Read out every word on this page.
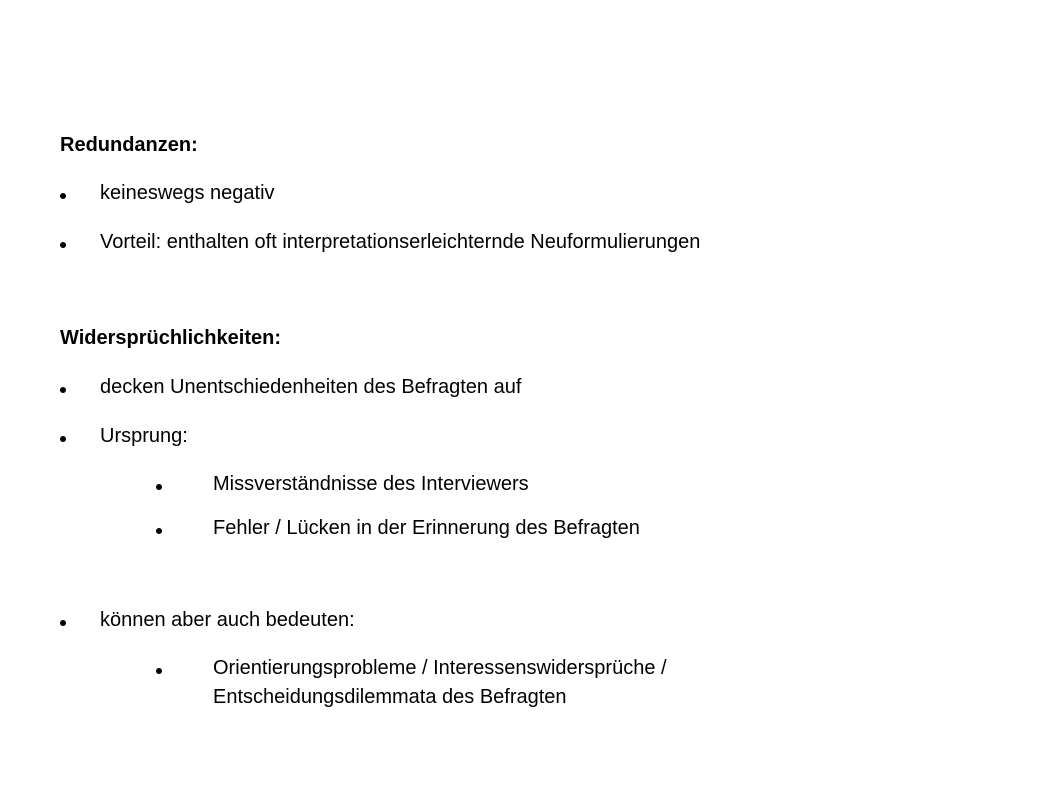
Redundanzen:
keineswegs negativ
Vorteil: enthalten oft interpretationserleichternde Neuformulierungen
Widersprüchlichkeiten:
decken Unentschiedenheiten des Befragten auf
Ursprung:
Missverständnisse des Interviewers
Fehler / Lücken in der Erinnerung des Befragten
können aber auch bedeuten:
Orientierungsprobleme / Interessenswidersprüche /
Entscheidungsdilemmata des Befragten
